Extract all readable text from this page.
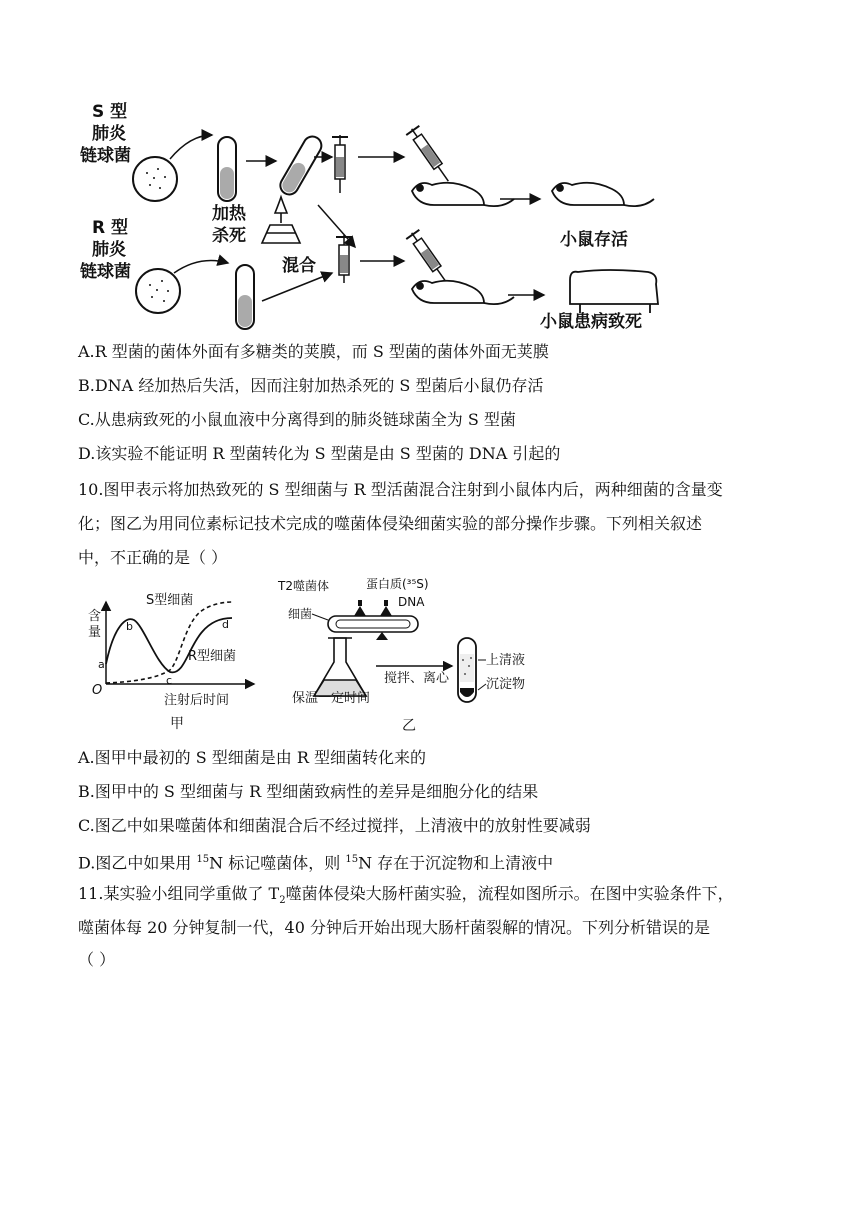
S 型
肺炎
链球菌
小鼠存活
加热
杀死
混合
小鼠患病致死
R 型
肺炎
链球菌
A.R 型菌的菌体外面有多糖类的荚膜，而 S 型菌的菌体外面无荚膜
B.DNA 经加热后失活，因而注射加热杀死的 S 型菌后小鼠仍存活
C.从患病致死的小鼠血液中分离得到的肺炎链球菌全为 S 型菌
D.该实验不能证明 R 型菌转化为 S 型菌是由 S 型菌的 DNA 引起的
10.图甲表示将加热致死的 S 型细菌与 R 型活菌混合注射到小鼠体内后，两种细菌的含量变
化；图乙为用同位素标记技术完成的噬菌体侵染细菌实验的部分操作步骤。下列相关叙述
中，不正确的是（ ）
含
量
O
S型细菌
R型细菌
a
b
c
d
注射后时间
甲
T2噬菌体	蛋白质(³⁵S)
DNA
细菌
搅拌、离心
上清液
沉淀物
保温一定时间
乙
A.图甲中最初的 S 型细菌是由 R 型细菌转化来的
B.图甲中的 S 型细菌与 R 型细菌致病性的差异是细胞分化的结果
C.图乙中如果噬菌体和细菌混合后不经过搅拌，上清液中的放射性要减弱
D.图乙中如果用 $^{15}$N 标记噬菌体，则 $^{15}$N 存在于沉淀物和上清液中
11.某实验小组同学重做了 $T_2$噬菌体侵染大肠杆菌实验，流程如图所示。在图中实验条件下，
噬菌体每 20 分钟复制一代，40 分钟后开始出现大肠杆菌裂解的情况。下列分析错误的是
（ ）
